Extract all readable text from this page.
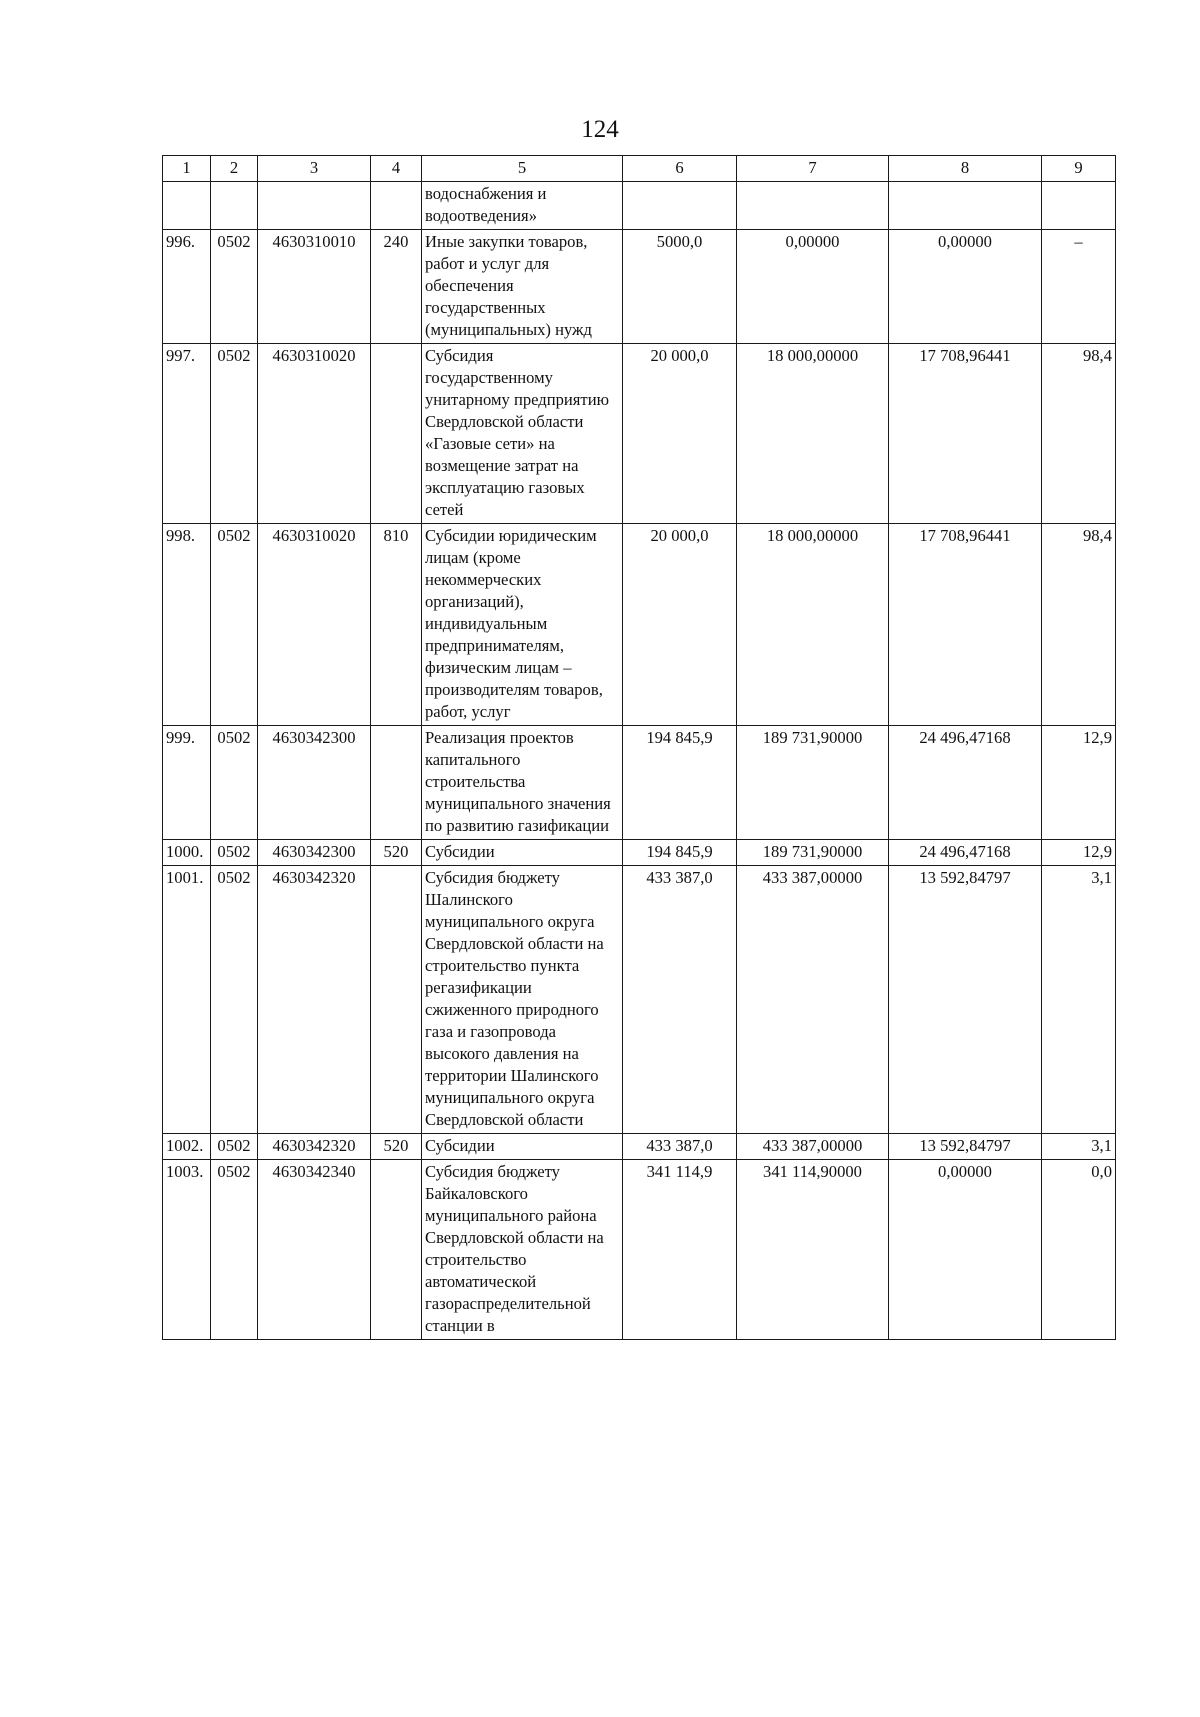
124
1	2	3	4	5	6	7	8	9
				водоснабжения и водоотведения»				
996.	0502	4630310010	240	Иные закупки товаров, работ и услуг для обеспечения государственных (муниципальных) нужд	5000,0	0,00000	0,00000	–
997.	0502	4630310020		Субсидия государственному унитарному предприятию Свердловской области «Газовые сети» на возмещение затрат на эксплуатацию газовых сетей	20 000,0	18 000,00000	17 708,96441	98,4
998.	0502	4630310020	810	Субсидии юридическим лицам (кроме некоммерческих организаций), индивидуальным предпринимателям, физическим лицам – производителям товаров, работ, услуг	20 000,0	18 000,00000	17 708,96441	98,4
999.	0502	4630342300		Реализация проектов капитального строительства муниципального значения по развитию газификации	194 845,9	189 731,90000	24 496,47168	12,9
1000.	0502	4630342300	520	Субсидии	194 845,9	189 731,90000	24 496,47168	12,9
1001.	0502	4630342320		Субсидия бюджету Шалинского муниципального округа Свердловской области на строительство пункта регазификации сжиженного природного газа и газопровода высокого давления на территории Шалинского муниципального округа Свердловской области	433 387,0	433 387,00000	13 592,84797	3,1
1002.	0502	4630342320	520	Субсидии	433 387,0	433 387,00000	13 592,84797	3,1
1003.	0502	4630342340		Субсидия бюджету Байкаловского муниципального района Свердловской области на строительство автоматической газораспределительной станции в	341 114,9	341 114,90000	0,00000	0,0
